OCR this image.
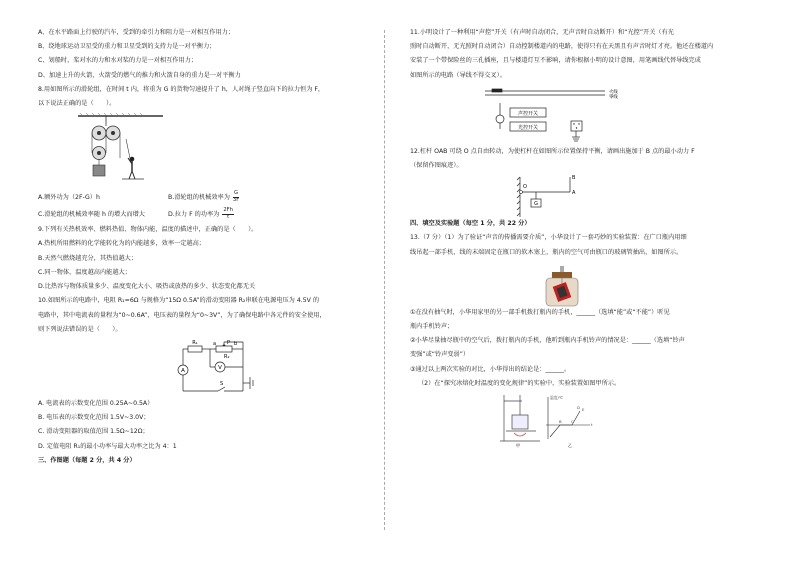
A、在水平路面上行驶的汽车，受到的牵引力和阻力是一对相互作用力；

B、绕地球运动卫星受的重力和卫星受到的支持力是一对平衡力；

C、划船时，桨对水的力和水对桨的力是一对相互作用力；

D、加速上升的火箭，火箭受的燃气的推力和火箭自身的重力是一对平衡力

8.用如图所示的滑轮组，在时间 t 内，将重为 G 的货物匀速提升了 h，人对绳子竖直向下的拉力恒为 F，

以下说法正确的是（　　）。

A.额外功为（2F-G）h	B.滑轮组的机械效率为 $\frac{G}{3F}$
C.滑轮组的机械效率随 h 的增大而增大	D.拉力 F 的功率为 $\frac{2Fh}{t}$

9.下列有关热机效率、燃料热值、物体内能，温度的描述中，正确的是（　　）。

A.热机所用燃料的化学能转化为的内能越多，效率一定越高；

B.天然气燃烧越充分，其热值越大；

C.同一物体，温度越高内能越大；

D.比热容与物体质量多少、温度变化大小、吸热或放热的多少、状态变化都无关

10.如图所示的电路中，电阻 R₁=6Ω 与规格为“15Ω 0.5A”的滑动变阻器 R₂串联在电源电压为 4.5V 的

电路中，其中电流表的量程为“0~0.6A”，电压表的量程为“0~3V”，为了确保电路中各元件的安全使用，

则下列说法错误的是（　　）。

R₁	a P b
R₂
A	V
S

A. 电流表的示数变化范围 0.25A~0.5A）

B. 电压表的示数变化范围 1.5V~3.0V；

C. 滑动变阻器的取值范围 1.5Ω~12Ω；

D. 定值电阻 R₁的最小功率与最大功率之比为 4：1

三、作图题（每题 2 分，共 4 分）

11.小明设计了一种利用“声控”开关（有声时自动闭合，无声音时自动断开）和“光控”开关（有光

照时自动断开，无光照时自动闭合）自动控制楼道内的电路，使得只有在天黑且有声音时灯才亮。他还在楼道内

安装了一个带保险丝的三孔插座，且与楼道灯互不影响，请你根据小明的设计意图，用笔画线代替导线完成

如图所示的电路（导线不得交叉）。

火线
零线
声控开关
光控开关

12.杠杆 OAB 可绕 O 点自由转动，为使杠杆在如图所示位置保持平衡，请画出施加于 B 点的最小动力 F

（保留作图痕迹）。

O
A
B
G

四、填空及实验题（每空 1 分，共 22 分）

13.（7 分）（1）为了验证“声音的传播需要介质”，小华设计了一套巧妙的实验装置：在广口瓶内用细

线吊起一部手机，线的末端固定在瓶口的软木塞上，瓶内的空气可由瓶口的玻璃管抽出，如图所示。

①在没有抽气时，小华用家里的另一部手机拨打瓶内的手机，______（选填“能”或“不能”）听见

瓶内手机铃声；

②小华尽量抽尽瓶中的空气后，拨打瓶内的手机，他听到瓶内手机铃声的情况是：______（选填“铃声

变强”或“铃声变弱”）

③通过以上两次实验的对比，小华得出的结论是：______。

（2）在“探究冰熔化时温度的变化规律”的实验中，实验装置如图甲所示。

温度/℃
t
B C
D E
甲	乙
